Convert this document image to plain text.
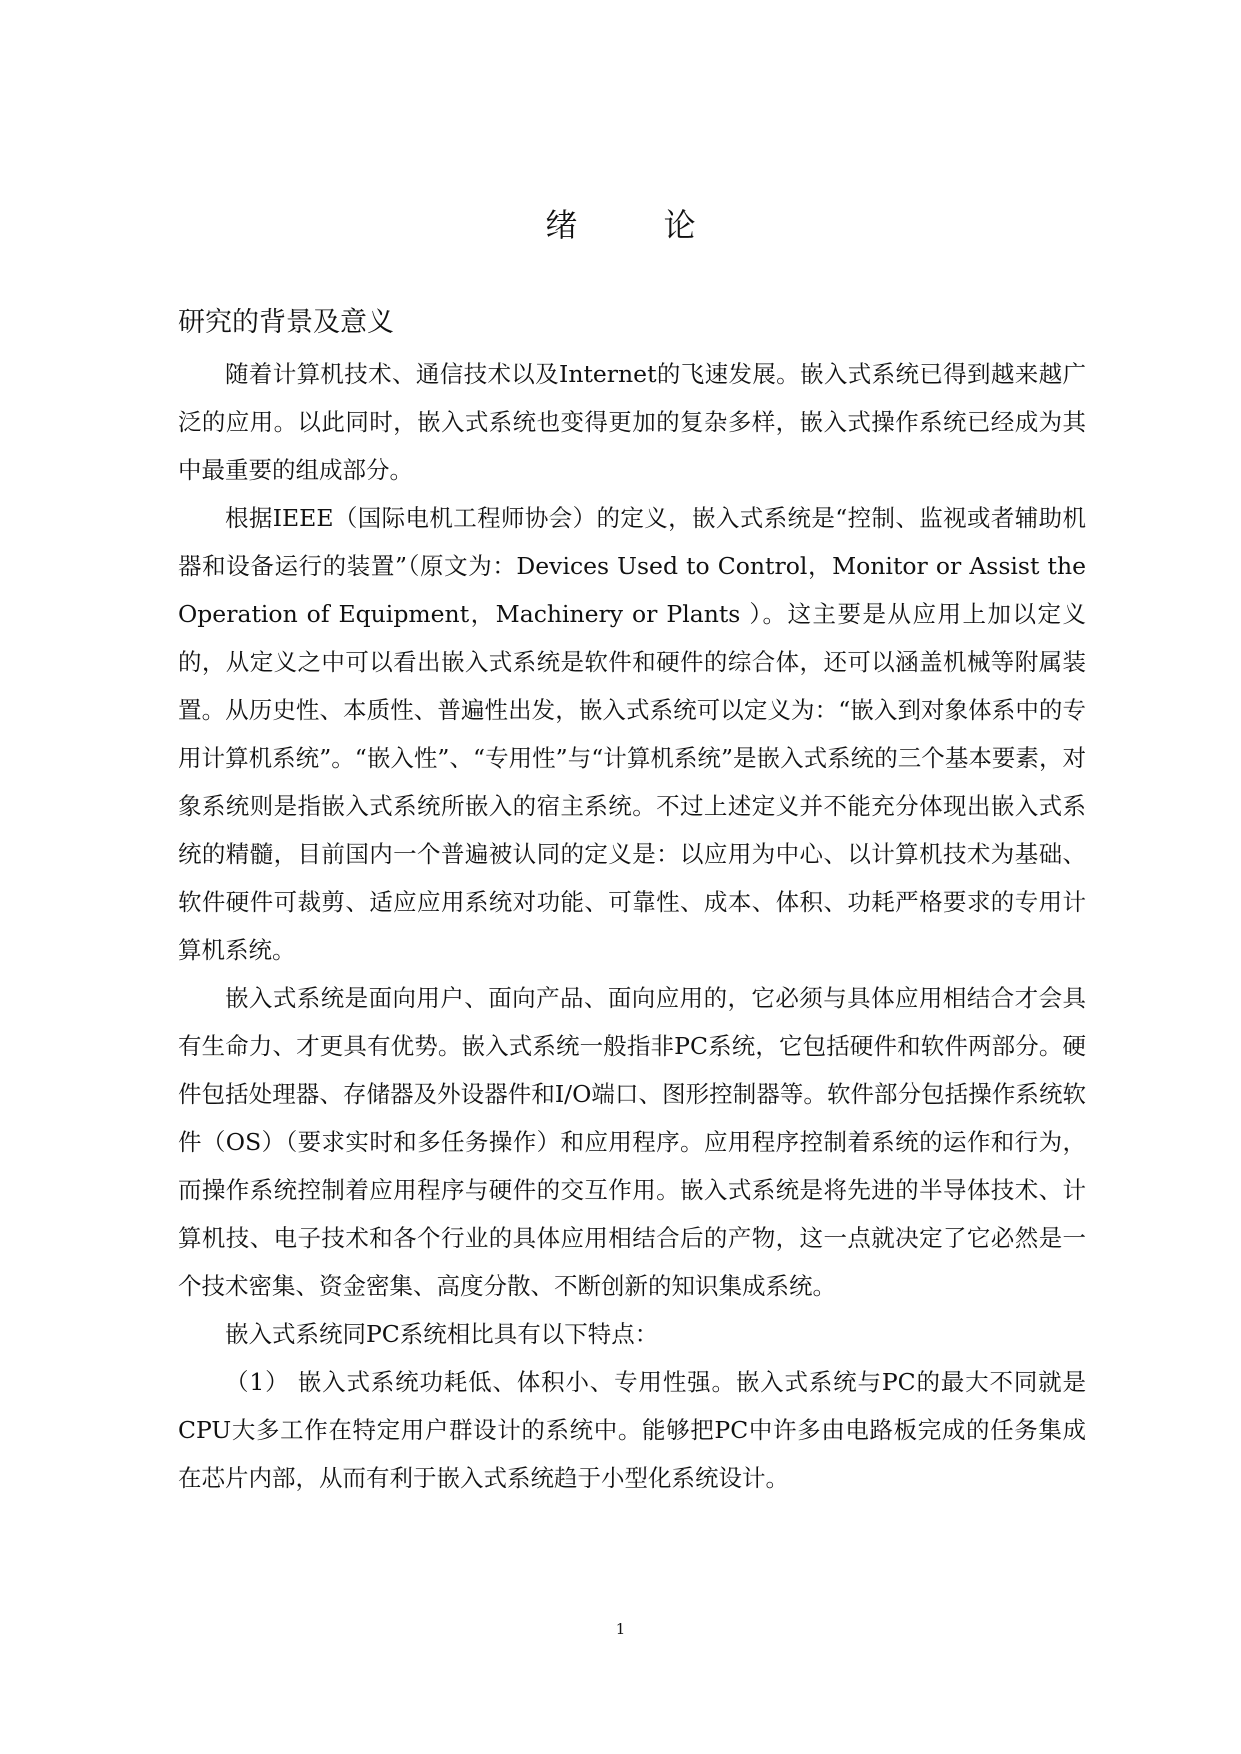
绪 论
研究的背景及意义

随着计算机技术、通信技术以及Internet的飞速发展。嵌入式系统已得到越来越广泛的应用。以此同时，嵌入式系统也变得更加的复杂多样，嵌入式操作系统已经成为其中最重要的组成部分。

根据IEEE（国际电机工程师协会）的定义，嵌入式系统是“控制、监视或者辅助机器和设备运行的装置”（原文为：Devices Used to Control，Monitor or Assist the Operation of Equipment，Machinery or Plants ）。这主要是从应用上加以定义的，从定义之中可以看出嵌入式系统是软件和硬件的综合体，还可以涵盖机械等附属装置。从历史性、本质性、普遍性出发，嵌入式系统可以定义为：“嵌入到对象体系中的专用计算机系统”。“嵌入性”、“专用性”与“计算机系统”是嵌入式系统的三个基本要素，对象系统则是指嵌入式系统所嵌入的宿主系统。不过上述定义并不能充分体现出嵌入式系统的精髓，目前国内一个普遍被认同的定义是：以应用为中心、以计算机技术为基础、软件硬件可裁剪、适应应用系统对功能、可靠性、成本、体积、功耗严格要求的专用计算机系统。

嵌入式系统是面向用户、面向产品、面向应用的，它必须与具体应用相结合才会具有生命力、才更具有优势。嵌入式系统一般指非PC系统，它包括硬件和软件两部分。硬件包括处理器、存储器及外设器件和I/O端口、图形控制器等。软件部分包括操作系统软件（OS）（要求实时和多任务操作）和应用程序。应用程序控制着系统的运作和行为，而操作系统控制着应用程序与硬件的交互作用。嵌入式系统是将先进的半导体技术、计算机技、电子技术和各个行业的具体应用相结合后的产物，这一点就决定了它必然是一个技术密集、资金密集、高度分散、不断创新的知识集成系统。

嵌入式系统同PC系统相比具有以下特点：

（1） 嵌入式系统功耗低、体积小、专用性强。嵌入式系统与PC的最大不同就是CPU大多工作在特定用户群设计的系统中。能够把PC中许多由电路板完成的任务集成在芯片内部，从而有利于嵌入式系统趋于小型化系统设计。

1
